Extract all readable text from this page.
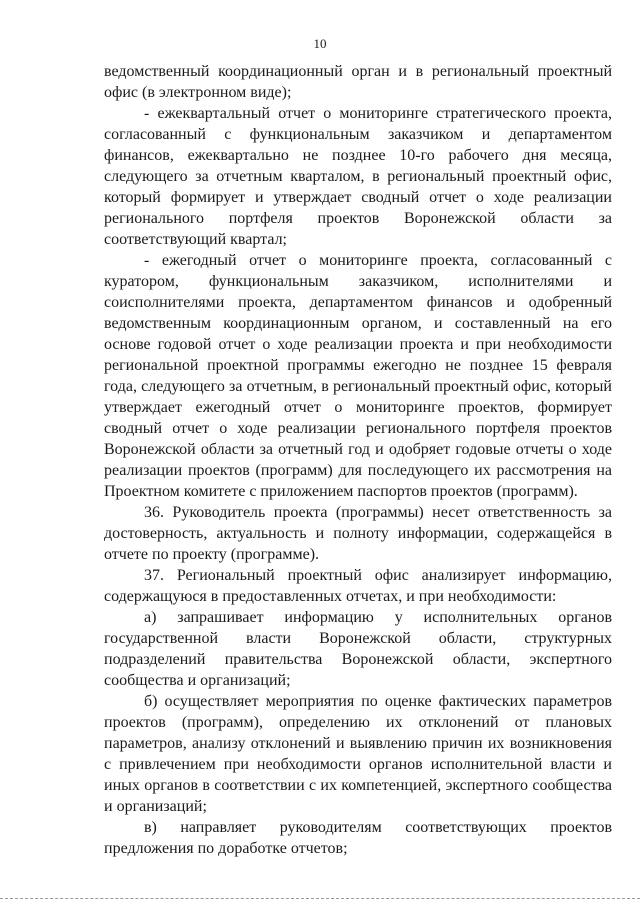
10

ведомственный координационный орган и в региональный проектный офис (в электронном виде);

- ежеквартальный отчет о мониторинге стратегического проекта, согласованный с функциональным заказчиком и департаментом финансов, ежеквартально не позднее 10-го рабочего дня месяца, следующего за отчетным кварталом, в региональный проектный офис, который формирует и утверждает сводный отчет о ходе реализации регионального портфеля проектов Воронежской области за соответствующий квартал;

- ежегодный отчет о мониторинге проекта, согласованный с куратором, функциональным заказчиком, исполнителями и соисполнителями проекта, департаментом финансов и одобренный ведомственным координационным органом, и составленный на его основе годовой отчет о ходе реализации проекта и при необходимости региональной проектной программы ежегодно не позднее 15 февраля года, следующего за отчетным, в региональный проектный офис, который утверждает ежегодный отчет о мониторинге проектов, формирует сводный отчет о ходе реализации регионального портфеля проектов Воронежской области за отчетный год и одобряет годовые отчеты о ходе реализации проектов (программ) для последующего их рассмотрения на Проектном комитете с приложением паспортов проектов (программ).

36. Руководитель проекта (программы) несет ответственность за достоверность, актуальность и полноту информации, содержащейся в отчете по проекту (программе).

37. Региональный проектный офис анализирует информацию, содержащуюся в предоставленных отчетах, и при необходимости:

а) запрашивает информацию у исполнительных органов государственной власти Воронежской области, структурных подразделений правительства Воронежской области, экспертного сообщества и организаций;

б) осуществляет мероприятия по оценке фактических параметров проектов (программ), определению их отклонений от плановых параметров, анализу отклонений и выявлению причин их возникновения с привлечением при необходимости органов исполнительной власти и иных органов в соответствии с их компетенцией, экспертного сообщества и организаций;

в) направляет руководителям соответствующих проектов предложения по доработке отчетов;
